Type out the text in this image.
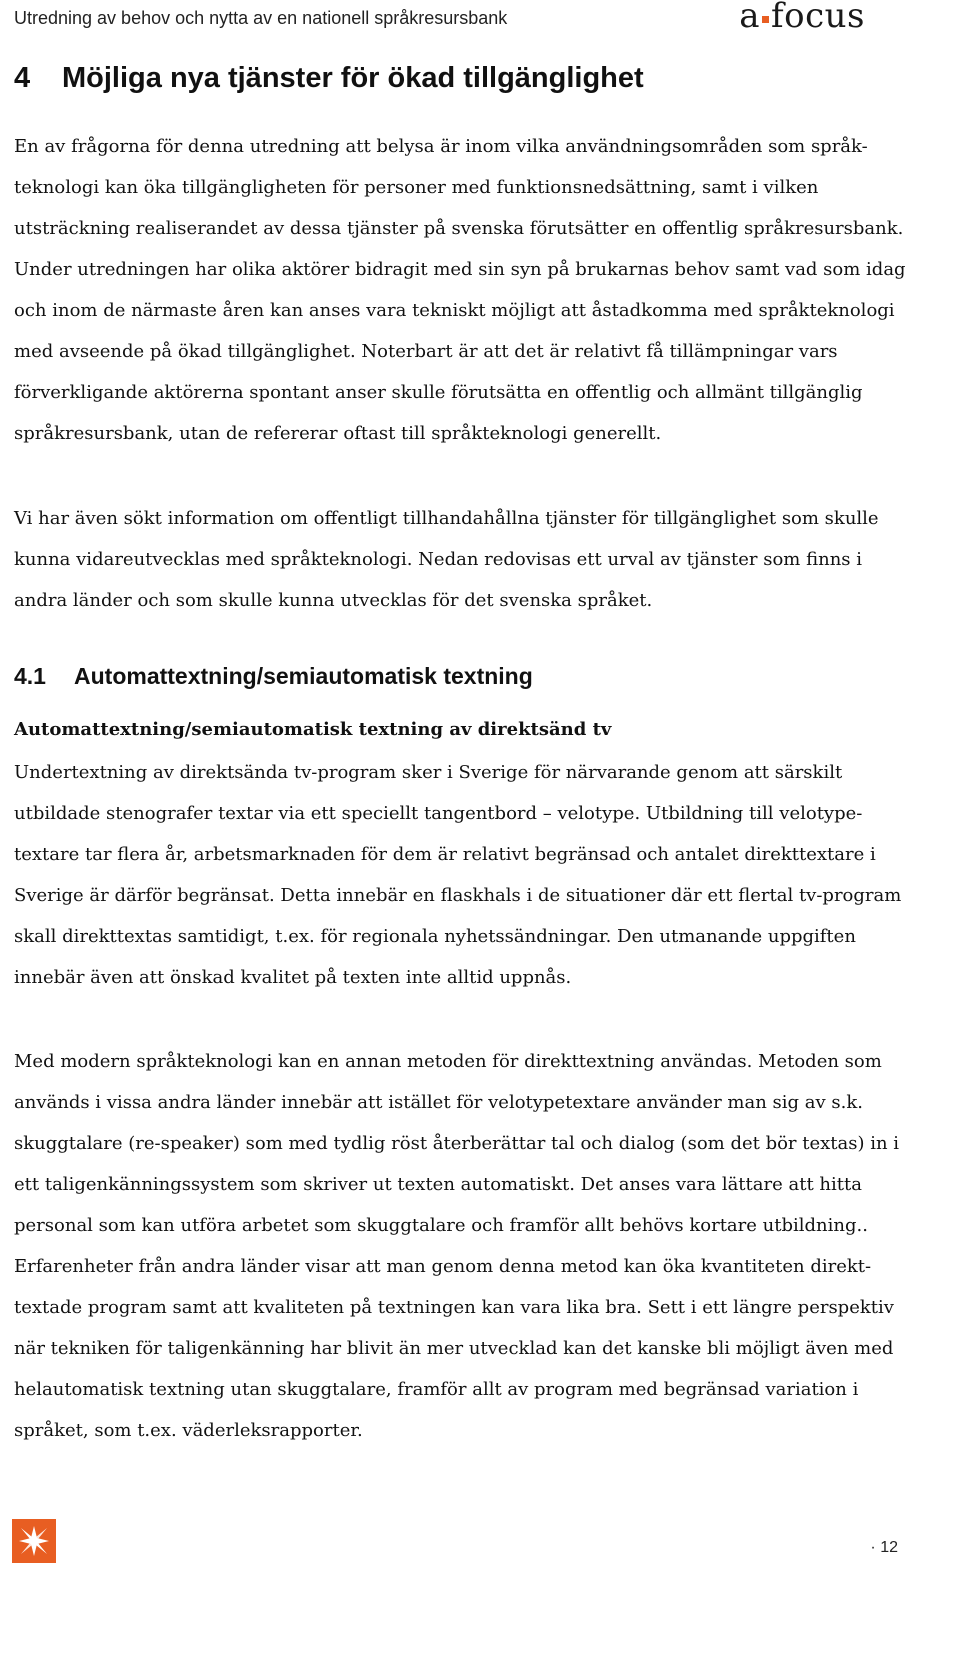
Utredning av behov och nytta av en nationell språkresursbank	a focus
4	Möjliga nya tjänster för ökad tillgänglighet
En av frågorna för denna utredning att belysa är inom vilka användningsområden som språk-
teknologi kan öka tillgängligheten för personer med funktionsnedsättning, samt i vilken
utsträckning realiserandet av dessa tjänster på svenska förutsätter en offentlig språkresursbank.
Under utredningen har olika aktörer bidragit med sin syn på brukarnas behov samt vad som idag
och inom de närmaste åren kan anses vara tekniskt möjligt att åstadkomma med språkteknologi
med avseende på ökad tillgänglighet. Noterbart är att det är relativt få tillämpningar vars
förverkligande aktörerna spontant anser skulle förutsätta en offentlig och allmänt tillgänglig
språkresursbank, utan de refererar oftast till språkteknologi generellt.
Vi har även sökt information om offentligt tillhandahållna tjänster för tillgänglighet som skulle
kunna vidareutvecklas med språkteknologi. Nedan redovisas ett urval av tjänster som finns i
andra länder och som skulle kunna utvecklas för det svenska språket.
4.1	Automattextning/semiautomatisk textning
Automattextning/semiautomatisk textning av direktsänd tv
Undertextning av direktsända tv-program sker i Sverige för närvarande genom att särskilt
utbildade stenografer textar via ett speciellt tangentbord – velotype. Utbildning till velotype-
textare tar flera år, arbetsmarknaden för dem är relativt begränsad och antalet direkttextare i
Sverige är därför begränsat. Detta innebär en flaskhals i de situationer där ett flertal tv-program
skall direkttextas samtidigt, t.ex. för regionala nyhetssändningar. Den utmanande uppgiften
innebär även att önskad kvalitet på texten inte alltid uppnås.
Med modern språkteknologi kan en annan metoden för direkttextning användas. Metoden som
används i vissa andra länder innebär att istället för velotypetextare använder man sig av s.k.
skuggtalare (re-speaker) som med tydlig röst återberättar tal och dialog (som det bör textas) in i
ett taligenkänningssystem som skriver ut texten automatiskt. Det anses vara lättare att hitta
personal som kan utföra arbetet som skuggtalare och framför allt behövs kortare utbildning..
Erfarenheter från andra länder visar att man genom denna metod kan öka kvantiteten direkt-
textade program samt att kvaliteten på textningen kan vara lika bra. Sett i ett längre perspektiv
när tekniken för taligenkänning har blivit än mer utvecklad kan det kanske bli möjligt även med
helautomatisk textning utan skuggtalare, framför allt av program med begränsad variation i
språket, som t.ex. väderleksrapporter.
· 12
